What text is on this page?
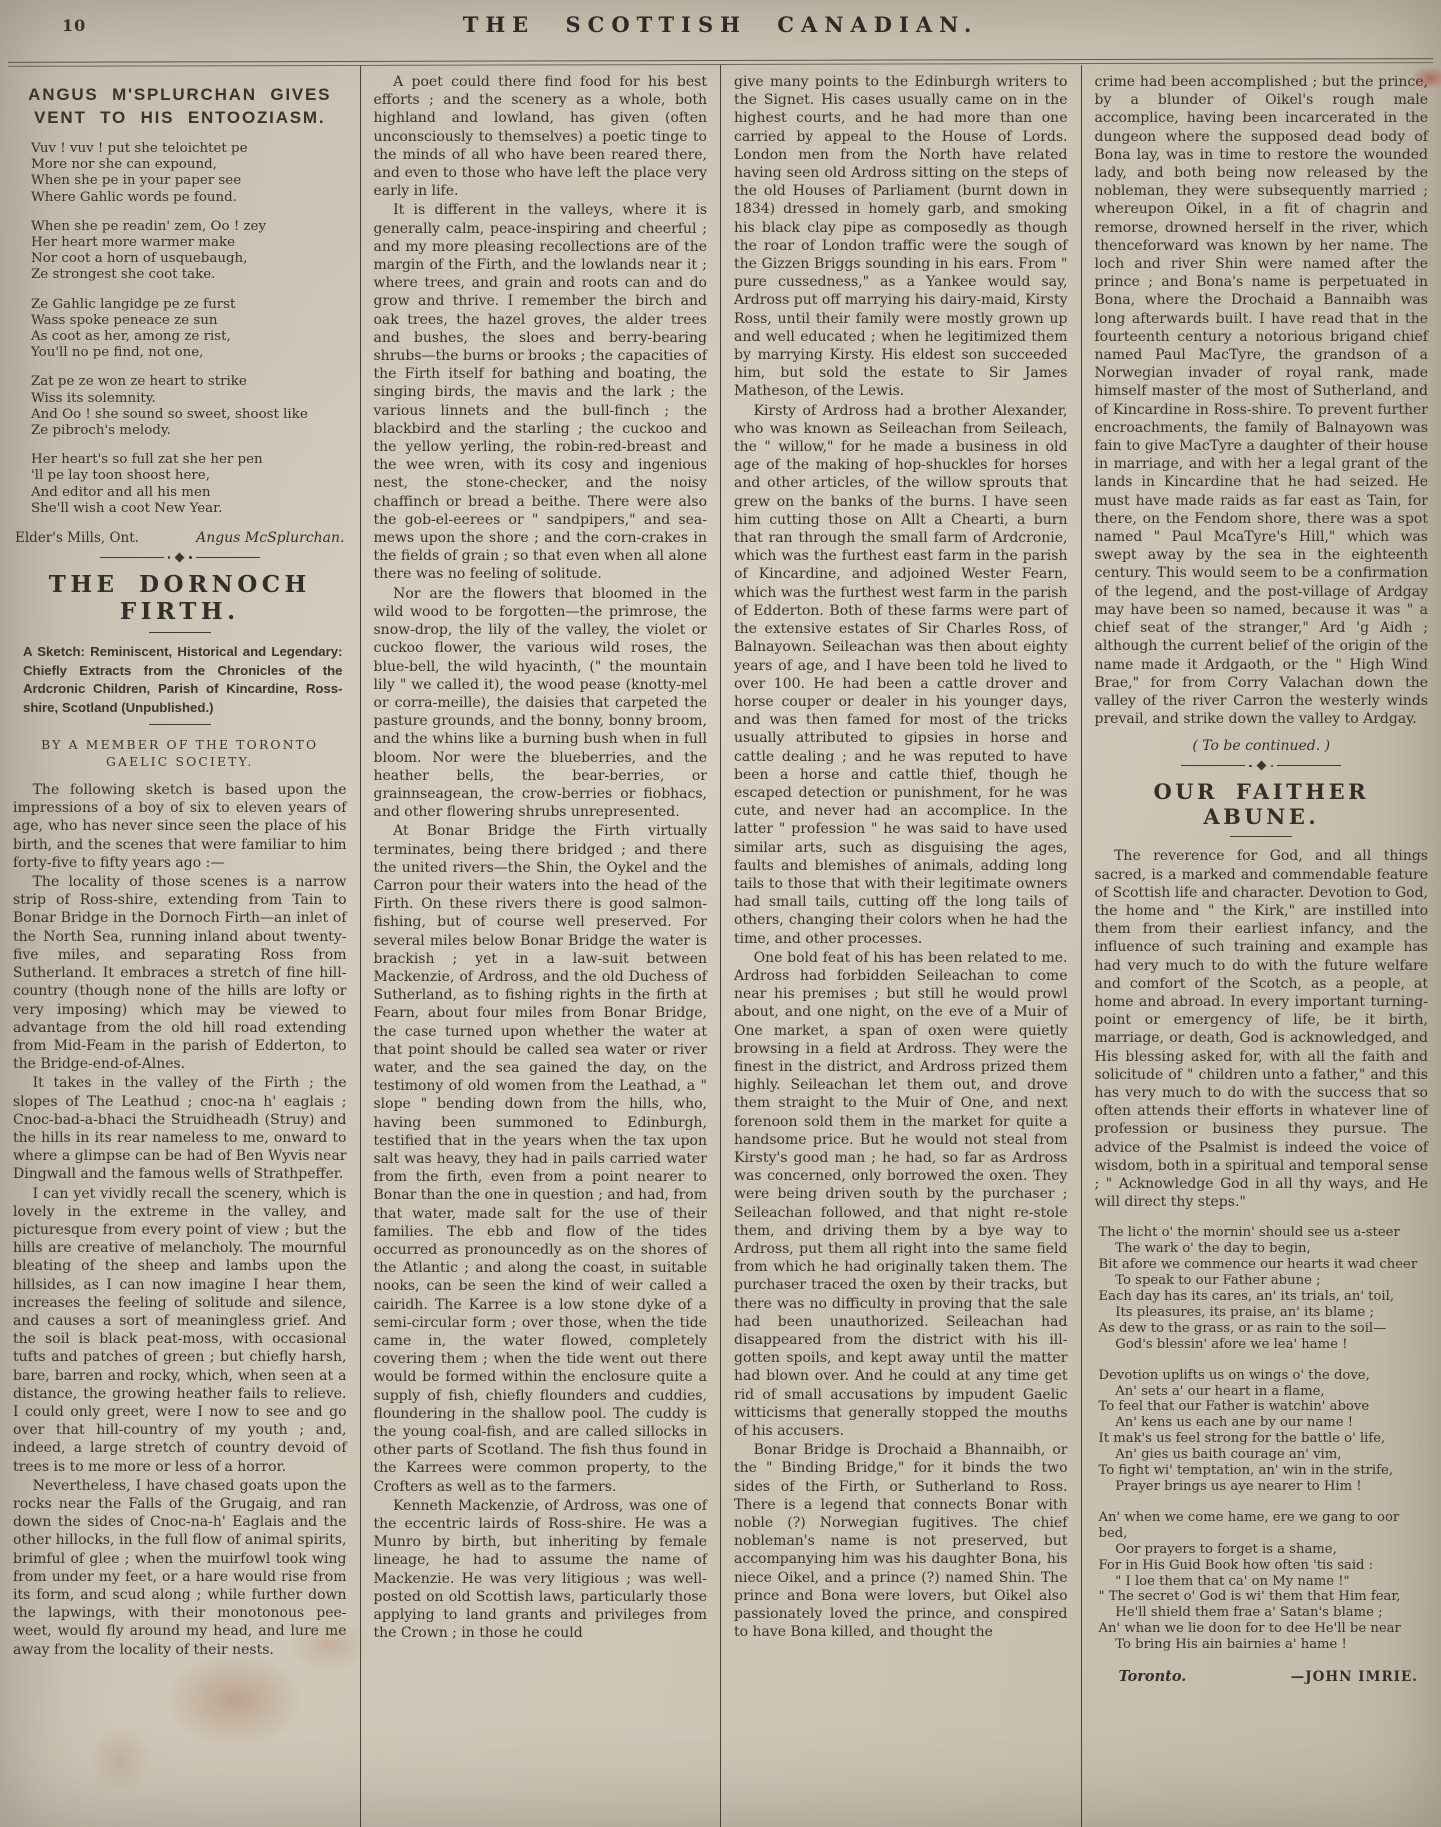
10	THE SCOTTISH CANADIAN.
ANGUS M'SPLURCHAN GIVES VENT TO HIS ENTOOZIASM.
Vuv ! vuv ! put she teloichtet pe
More nor she can expound,
When she pe in your paper see
Where Gahlic words pe found.
When she pe readin' zem, Oo ! zey
Her heart more warmer make
Nor coot a horn of usquebaugh,
Ze strongest she coot take.
Ze Gahlic langidge pe ze furst
Wass spoke peneace ze sun
As coot as her, among ze rist,
You'll no pe find, not one,
Zat pe ze won ze heart to strike
Wiss its solemnity.
And Oo ! she sound so sweet, shoost like
Ze pibroch's melody.
Her heart's so full zat she her pen
'll pe lay toon shoost here,
And editor and all his men
She'll wish a coot New Year.
Elder's Mills, Ont.	Angus McSplurchan.
THE DORNOCH FIRTH.
A Sketch: Reminiscent, Historical and Legendary: Chiefly Extracts from the Chronicles of the Ardcronic Children, Parish of Kincardine, Ross-shire, Scotland (Unpublished.)
BY A MEMBER OF THE TORONTO GAELIC SOCIETY.

The following sketch is based upon the impressions of a boy of six to eleven years of age, who has never since seen the place of his birth, and the scenes that were familiar to him forty-five to fifty years ago :—

The locality of those scenes is a narrow strip of Ross-shire, extending from Tain to Bonar Bridge in the Dornoch Firth—an inlet of the North Sea, running inland about twenty-five miles, and separating Ross from Sutherland. It embraces a stretch of fine hill-country (though none of the hills are lofty or very imposing) which may be viewed to advantage from the old hill road extending from Mid-Feam in the parish of Edderton, to the Bridge-end-of-Alnes.

It takes in the valley of the Firth ; the slopes of The Leathud ; cnoc-na h' eaglais ; Cnoc-bad-a-bhaci the Struidheadh (Struy) and the hills in its rear nameless to me, onward to where a glimpse can be had of Ben Wyvis near Dingwall and the famous wells of Strathpeffer.

I can yet vividly recall the scenery, which is lovely in the extreme in the valley, and picturesque from every point of view ; but the hills are creative of melancholy. The mournful bleating of the sheep and lambs upon the hillsides, as I can now imagine I hear them, increases the feeling of solitude and silence, and causes a sort of meaningless grief. And the soil is black peat-moss, with occasional tufts and patches of green ; but chiefly harsh, bare, barren and rocky, which, when seen at a distance, the growing heather fails to relieve. I could only greet, were I now to see and go over that hill-country of my youth ; and, indeed, a large stretch of country devoid of trees is to me more or less of a horror.

Nevertheless, I have chased goats upon the rocks near the Falls of the Grugaig, and ran down the sides of Cnoc-na-h' Eaglais and the other hillocks, in the full flow of animal spirits, brimful of glee ; when the muirfowl took wing from under my feet, or a hare would rise from its form, and scud along ; while further down the lapwings, with their monotonous pee-weet, would fly around my head, and lure me away from the locality of their nests.

A poet could there find food for his best efforts ; and the scenery as a whole, both highland and lowland, has given (often unconsciously to themselves) a poetic tinge to the minds of all who have been reared there, and even to those who have left the place very early in life.

It is different in the valleys, where it is generally calm, peace-inspiring and cheerful ; and my more pleasing recollections are of the margin of the Firth, and the lowlands near it ; where trees, and grain and roots can and do grow and thrive. I remember the birch and oak trees, the hazel groves, the alder trees and bushes, the sloes and berry-bearing shrubs—the burns or brooks ; the capacities of the Firth itself for bathing and boating, the singing birds, the mavis and the lark ; the various linnets and the bull-finch ; the blackbird and the starling ; the cuckoo and the yellow yerling, the robin-red-breast and the wee wren, with its cosy and ingenious nest, the stone-checker, and the noisy chaffinch or bread a beithe. There were also the gob-el-eerees or " sandpipers," and sea-mews upon the shore ; and the corn-crakes in the fields of grain ; so that even when all alone there was no feeling of solitude.

Nor are the flowers that bloomed in the wild wood to be forgotten—the primrose, the snow-drop, the lily of the valley, the violet or cuckoo flower, the various wild roses, the blue-bell, the wild hyacinth, (" the mountain lily " we called it), the wood pease (knotty-mel or corra-meille), the daisies that carpeted the pasture grounds, and the bonny, bonny broom, and the whins like a burning bush when in full bloom. Nor were the blueberries, and the heather bells, the bear-berries, or grainnseagean, the crow-berries or fiobhacs, and other flowering shrubs unrepresented.

At Bonar Bridge the Firth virtually terminates, being there bridged ; and there the united rivers—the Shin, the Oykel and the Carron pour their waters into the head of the Firth. On these rivers there is good salmon-fishing, but of course well preserved. For several miles below Bonar Bridge the water is brackish ; yet in a law-suit between Mackenzie, of Ardross, and the old Duchess of Sutherland, as to fishing rights in the firth at Fearn, about four miles from Bonar Bridge, the case turned upon whether the water at that point should be called sea water or river water, and the sea gained the day, on the testimony of old women from the Leathad, a " slope " bending down from the hills, who, having been summoned to Edinburgh, testified that in the years when the tax upon salt was heavy, they had in pails carried water from the firth, even from a point nearer to Bonar than the one in question ; and had, from that water, made salt for the use of their families. The ebb and flow of the tides occurred as pronouncedly as on the shores of the Atlantic ; and along the coast, in suitable nooks, can be seen the kind of weir called a cairidh. The Karree is a low stone dyke of a semi-circular form ; over those, when the tide came in, the water flowed, completely covering them ; when the tide went out there would be formed within the enclosure quite a supply of fish, chiefly flounders and cuddies, floundering in the shallow pool. The cuddy is the young coal-fish, and are called sillocks in other parts of Scotland. The fish thus found in the Karrees were common property, to the Crofters as well as to the farmers.

Kenneth Mackenzie, of Ardross, was one of the eccentric lairds of Ross-shire. He was a Munro by birth, but inheriting by female lineage, he had to assume the name of Mackenzie. He was very litigious ; was well-posted on old Scottish laws, particularly those applying to land grants and privileges from the Crown ; in those he could

give many points to the Edinburgh writers to the Signet. His cases usually came on in the highest courts, and he had more than one carried by appeal to the House of Lords. London men from the North have related having seen old Ardross sitting on the steps of the old Houses of Parliament (burnt down in 1834) dressed in homely garb, and smoking his black clay pipe as composedly as though the roar of London traffic were the sough of the Gizzen Briggs sounding in his ears. From " pure cussedness," as a Yankee would say, Ardross put off marrying his dairy-maid, Kirsty Ross, until their family were mostly grown up and well educated ; when he legitimized them by marrying Kirsty. His eldest son succeeded him, but sold the estate to Sir James Matheson, of the Lewis.

Kirsty of Ardross had a brother Alexander, who was known as Seileachan from Seileach, the " willow," for he made a business in old age of the making of hop-shuckles for horses and other articles, of the willow sprouts that grew on the banks of the burns. I have seen him cutting those on Allt a Chearti, a burn that ran through the small farm of Ardcronie, which was the furthest east farm in the parish of Kincardine, and adjoined Wester Fearn, which was the furthest west farm in the parish of Edderton. Both of these farms were part of the extensive estates of Sir Charles Ross, of Balnayown. Seileachan was then about eighty years of age, and I have been told he lived to over 100. He had been a cattle drover and horse couper or dealer in his younger days, and was then famed for most of the tricks usually attributed to gipsies in horse and cattle dealing ; and he was reputed to have been a horse and cattle thief, though he escaped detection or punishment, for he was cute, and never had an accomplice. In the latter " profession " he was said to have used similar arts, such as disguising the ages, faults and blemishes of animals, adding long tails to those that with their legitimate owners had small tails, cutting off the long tails of others, changing their colors when he had the time, and other processes.

One bold feat of his has been related to me. Ardross had forbidden Seileachan to come near his premises ; but still he would prowl about, and one night, on the eve of a Muir of One market, a span of oxen were quietly browsing in a field at Ardross. They were the finest in the district, and Ardross prized them highly. Seileachan let them out, and drove them straight to the Muir of One, and next forenoon sold them in the market for quite a handsome price. But he would not steal from Kirsty's good man ; he had, so far as Ardross was concerned, only borrowed the oxen. They were being driven south by the purchaser ; Seileachan followed, and that night re-stole them, and driving them by a bye way to Ardross, put them all right into the same field from which he had originally taken them. The purchaser traced the oxen by their tracks, but there was no difficulty in proving that the sale had been unauthorized. Seileachan had disappeared from the district with his ill-gotten spoils, and kept away until the matter had blown over. And he could at any time get rid of small accusations by impudent Gaelic witticisms that generally stopped the mouths of his accusers.

Bonar Bridge is Drochaid a Bhannaibh, or the " Binding Bridge," for it binds the two sides of the Firth, or Sutherland to Ross. There is a legend that connects Bonar with noble (?) Norwegian fugitives. The chief nobleman's name is not preserved, but accompanying him was his daughter Bona, his niece Oikel, and a prince (?) named Shin. The prince and Bona were lovers, but Oikel also passionately loved the prince, and conspired to have Bona killed, and thought the

crime had been accomplished ; but the prince, by a blunder of Oikel's rough male accomplice, having been incarcerated in the dungeon where the supposed dead body of Bona lay, was in time to restore the wounded lady, and both being now released by the nobleman, they were subsequently married ; whereupon Oikel, in a fit of chagrin and remorse, drowned herself in the river, which thenceforward was known by her name. The loch and river Shin were named after the prince ; and Bona's name is perpetuated in Bona, where the Drochaid a Bannaibh was long afterwards built. I have read that in the fourteenth century a notorious brigand chief named Paul MacTyre, the grandson of a Norwegian invader of royal rank, made himself master of the most of Sutherland, and of Kincardine in Ross-shire. To prevent further encroachments, the family of Balnayown was fain to give MacTyre a daughter of their house in marriage, and with her a legal grant of the lands in Kincardine that he had seized. He must have made raids as far east as Tain, for there, on the Fendom shore, there was a spot named " Paul McaTyre's Hill," which was swept away by the sea in the eighteenth century. This would seem to be a confirmation of the legend, and the post-village of Ardgay may have been so named, because it was " a chief seat of the stranger," Ard 'g Aidh ; although the current belief of the origin of the name made it Ardgaoth, or the " High Wind Brae," for from Corry Valachan down the valley of the river Carron the westerly winds prevail, and strike down the valley to Ardgay.

( To be continued. )
OUR FAITHER ABUNE.

The reverence for God, and all things sacred, is a marked and commendable feature of Scottish life and character. Devotion to God, the home and " the Kirk," are instilled into them from their earliest infancy, and the influence of such training and example has had very much to do with the future welfare and comfort of the Scotch, as a people, at home and abroad. In every important turning-point or emergency of life, be it birth, marriage, or death, God is acknowledged, and His blessing asked for, with all the faith and solicitude of " children unto a father," and this has very much to do with the success that so often attends their efforts in whatever line of profession or business they pursue. The advice of the Psalmist is indeed the voice of wisdom, both in a spiritual and temporal sense ; " Acknowledge God in all thy ways, and He will direct thy steps."

The licht o' the mornin' should see us a-steer
The wark o' the day to begin,
Bit afore we commence our hearts it wad cheer
To speak to our Father abune ;
Each day has its cares, an' its trials, an' toil,
Its pleasures, its praise, an' its blame ;
As dew to the grass, or as rain to the soil—
God's blessin' afore we lea' hame !
Devotion uplifts us on wings o' the dove,
An' sets a' our heart in a flame,
To feel that our Father is watchin' above
An' kens us each ane by our name !
It mak's us feel strong for the battle o' life,
An' gies us baith courage an' vim,
To fight wi' temptation, an' win in the strife,
Prayer brings us aye nearer to Him !
An' when we come hame, ere we gang to oor bed,
Oor prayers to forget is a shame,
For in His Guid Book how often 'tis said :
" I loe them that ca' on My name !"
" The secret o' God is wi' them that Him fear,
He'll shield them frae a' Satan's blame ;
An' whan we lie doon for to dee He'll be near
To bring His ain bairnies a' hame !
Toronto.	—JOHN IMRIE.
